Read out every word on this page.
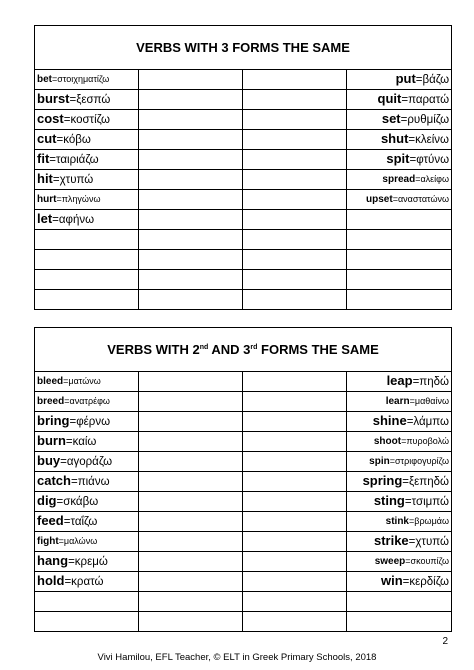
VERBS WITH 3 FORMS THE SAME			
bet=στοιχηματίζω			put=βάζω
burst=ξεσπώ			quit=παρατώ
cost=κοστίζω			set=ρυθμίζω
cut=κόβω			shut=κλείνω
fit=ταιριάζω			spit=φτύνω
hit=χτυπώ			spread=αλείφω
hurt=πληγώνω			upset=αναστατώνω
let=αφήνω			

VERBS WITH 2nd AND 3rd FORMS THE SAME			
bleed=ματώνω			leap=πηδώ
breed=ανατρέφω			learn=μαθαίνω
bring=φέρνω			shine=λάμπω
burn=καίω			shoot=πυροβολώ
buy=αγοράζω			spin=στριφογυρίζω
catch=πιάνω			spring=ξεπηδώ
dig=σκάβω			sting=τσιμπώ
feed=ταΐζω			stink=βρωμάω
fight=μαλώνω			strike=χτυπώ
hang=κρεμώ			sweep=σκουπίζω
hold=κρατώ			win=κερδίζω

2
Vivi Hamilou, EFL Teacher, © ELT in Greek Primary Schools, 2018
